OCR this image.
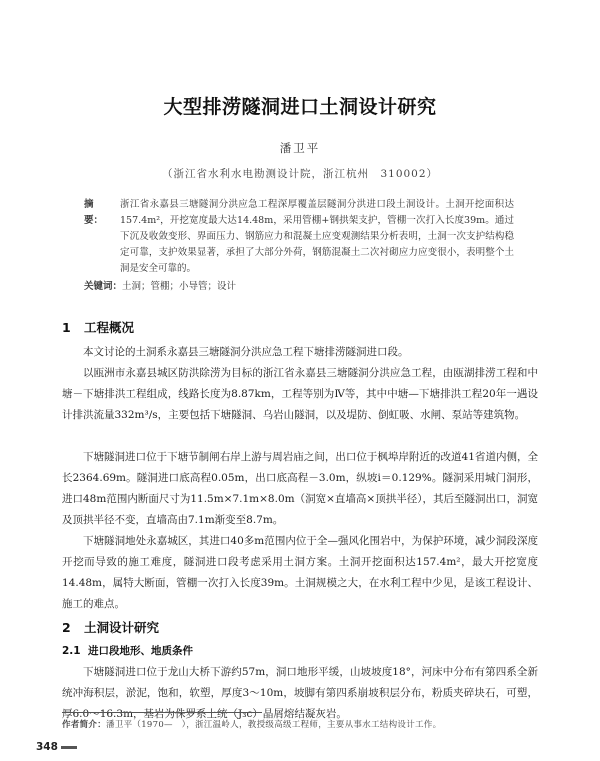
大型排涝隧洞进口土洞设计研究
潘卫平
（浙江省水利水电勘测设计院，浙江杭州　310002）
摘　要：
浙江省永嘉县三塘隧洞分洪应急工程深厚覆盖层隧洞分洪进口段土洞设计。土洞开挖面积达157.4m²，开挖宽度最大达14.48m，采用管棚+钢拱架支护，管棚一次打入长度39m。通过下沉及收敛变形、界面压力、钢筋应力和混凝土应变观测结果分析表明，土洞一次支护结构稳定可靠，支护效果显著，承担了大部分外荷，钢筋混凝土二次衬砌应力应变很小，表明整个土洞是安全可靠的。
关键词：土洞；管棚；小导管；设计
1 工程概况
本文讨论的土洞系永嘉县三塘隧洞分洪应急工程下塘排涝隧洞进口段。
以瓯洲市永嘉县城区防洪除涝为目标的浙江省永嘉县三塘隧洞分洪应急工程，由瓯湖排涝工程和中塘－下塘排洪工程组成，线路长度为8.87km，工程等别为Ⅳ等，其中中塘—下塘排洪工程20年一遇设计排洪流量332m³/s，主要包括下塘隧洞、乌岩山隧洞，以及堤防、倒虹吸、水闸、泵站等建筑物。
下塘隧洞进口位于下塘节制闸右岸上游与周岩庙之间，出口位于枫埠岸附近的改道41省道内侧，全长2364.69m。隧洞进口底高程0.05m，出口底高程－3.0m，纵坡i＝0.129%。隧洞采用城门洞形，进口48m范围内断面尺寸为11.5m×7.1m×8.0m（洞宽×直墙高×顶拱半径），其后至隧洞出口，洞宽及顶拱半径不变，直墙高由7.1m渐变至8.7m。
下塘隧洞地处永嘉城区，其进口40多m范围内位于全—强风化围岩中，为保护环境，减少洞段深度开挖而导致的施工难度，隧洞进口段考虑采用土洞方案。土洞开挖面积达157.4m²，最大开挖宽度14.48m，属特大断面，管棚一次打入长度39m。土洞规模之大，在水利工程中少见，是该工程设计、施工的难点。
2 土洞设计研究
2.1 进口段地形、地质条件
下塘隧洞进口位于龙山大桥下游约57m，洞口地形平缓，山坡坡度18°，河床中分布有第四系全新统冲海积层，淤泥，饱和，软塑，厚度3～10m，坡脚有第四系崩坡积层分布，粉质夹碎块石，可塑，厚6.0～16.3m，基岩为侏罗系上统（J₃c）晶屑熔结凝灰岩。
作者简介：潘卫平（1970—　），浙江温岭人，教授级高级工程师，主要从事水工结构设计工作。
348
